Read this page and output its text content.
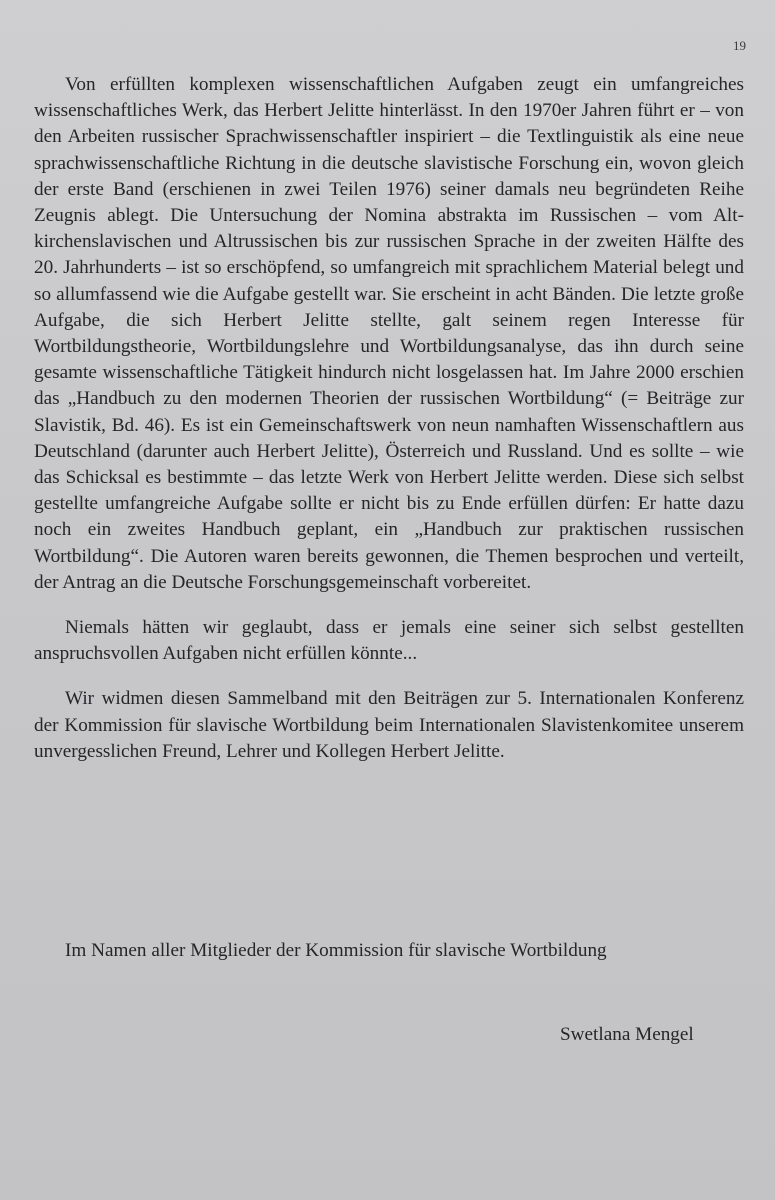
19

Von erfüllten komplexen wissenschaftlichen Aufgaben zeugt ein umfangreiches wissenschaftliches Werk, das Herbert Jelitte hinterlässt. In den 1970er Jahren führt er – von den Arbeiten russischer Sprachwissenschaftler inspiriert – die Textlinguistik als eine neue sprachwissenschaftliche Richtung in die deutsche slavistische Forschung ein, wovon gleich der erste Band (erschienen in zwei Teilen 1976) seiner damals neu begründeten Reihe Zeugnis ablegt. Die Untersuchung der Nomina abstrakta im Russischen – vom Altkirchenslavischen und Altrussischen bis zur russischen Sprache in der zweiten Hälfte des 20. Jahrhunderts – ist so erschöpfend, so umfangreich mit sprachlichem Material belegt und so allumfassend wie die Aufgabe gestellt war. Sie erscheint in acht Bänden. Die letzte große Aufgabe, die sich Herbert Jelitte stellte, galt seinem regen Interesse für Wortbildungstheorie, Wortbildungslehre und Wortbildungsanalyse, das ihn durch seine gesamte wissenschaftliche Tätigkeit hindurch nicht losgelassen hat. Im Jahre 2000 erschien das „Handbuch zu den modernen Theorien der russischen Wortbildung“ (= Beiträge zur Slavistik, Bd. 46). Es ist ein Gemeinschaftswerk von neun namhaften Wissenschaftlern aus Deutschland (darunter auch Herbert Jelitte), Österreich und Russland. Und es sollte – wie das Schicksal es bestimmte – das letzte Werk von Herbert Jelitte werden. Diese sich selbst gestellte umfangreiche Aufgabe sollte er nicht bis zu Ende erfüllen dürfen: Er hatte dazu noch ein zweites Handbuch geplant, ein „Handbuch zur praktischen russischen Wortbildung“. Die Autoren waren bereits gewonnen, die Themen besprochen und verteilt, der Antrag an die Deutsche Forschungsgemeinschaft vorbereitet.

Niemals hätten wir geglaubt, dass er jemals eine seiner sich selbst gestellten anspruchsvollen Aufgaben nicht erfüllen könnte...

Wir widmen diesen Sammelband mit den Beiträgen zur 5. Internationalen Konferenz der Kommission für slavische Wortbildung beim Internationalen Slavistenkomitee unserem unvergesslichen Freund, Lehrer und Kollegen Herbert Jelitte.

Im Namen aller Mitglieder der Kommission für slavische Wortbildung

Swetlana Mengel
